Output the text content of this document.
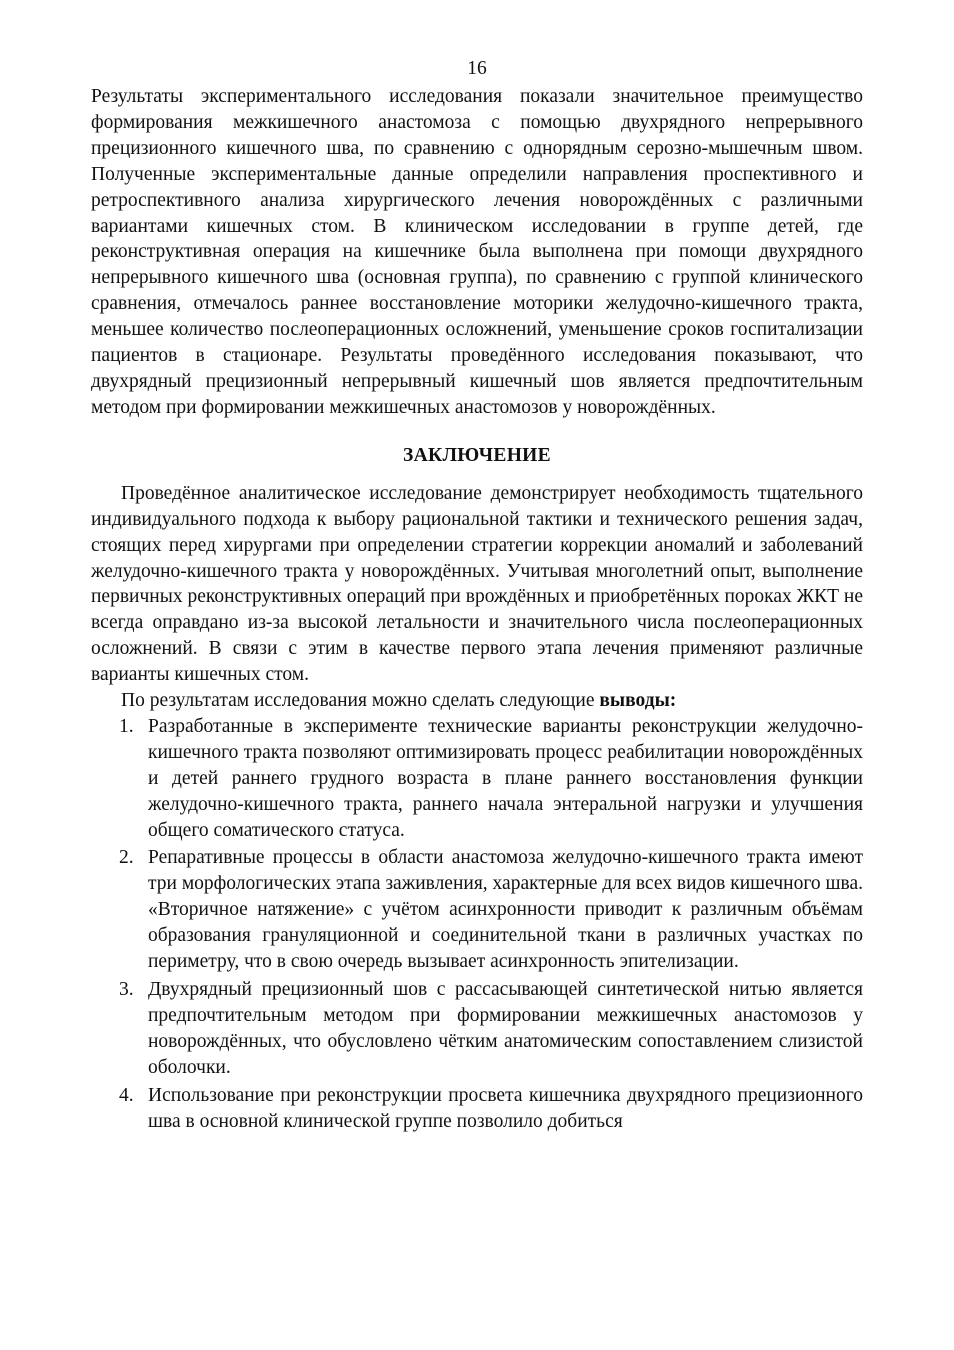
16

Результаты экспериментального исследования показали значительное преимущество формирования межкишечного анастомоза с помощью двухрядного непрерывного прецизионного кишечного шва, по сравнению с однорядным серозно-мышечным швом. Полученные экспериментальные данные определили направления проспективного и ретроспективного анализа хирургического лечения новорождённых с различными вариантами кишечных стом. В клиническом исследовании в группе детей, где реконструктивная операция на кишечнике была выполнена при помощи двухрядного непрерывного кишечного шва (основная группа), по сравнению с группой клинического сравнения, отмечалось раннее восстановление моторики желудочно-кишечного тракта, меньшее количество послеоперационных осложнений, уменьшение сроков госпитализации пациентов в стационаре. Результаты проведённого исследования показывают, что двухрядный прецизионный непрерывный кишечный шов является предпочтительным методом при формировании межкишечных анастомозов у новорождённых.

ЗАКЛЮЧЕНИЕ

Проведённое аналитическое исследование демонстрирует необходимость тщательного индивидуального подхода к выбору рациональной тактики и технического решения задач, стоящих перед хирургами при определении стратегии коррекции аномалий и заболеваний желудочно-кишечного тракта у новорождённых. Учитывая многолетний опыт, выполнение первичных реконструктивных операций при врождённых и приобретённых пороках ЖКТ не всегда оправдано из-за высокой летальности и значительного числа послеоперационных осложнений. В связи с этим в качестве первого этапа лечения применяют различные варианты кишечных стом.

По результатам исследования можно сделать следующие выводы:

1. Разработанные в эксперименте технические варианты реконструкции желудочно-кишечного тракта позволяют оптимизировать процесс реабилитации новорождённых и детей раннего грудного возраста в плане раннего восстановления функции желудочно-кишечного тракта, раннего начала энтеральной нагрузки и улучшения общего соматического статуса.
2. Репаративные процессы в области анастомоза желудочно-кишечного тракта имеют три морфологических этапа заживления, характерные для всех видов кишечного шва. «Вторичное натяжение» с учётом асинхронности приводит к различным объёмам образования грануляционной и соединительной ткани в различных участках по периметру, что в свою очередь вызывает асинхронность эпителизации.
3. Двухрядный прецизионный шов с рассасывающей синтетической нитью является предпочтительным методом при формировании межкишечных анастомозов у новорождённых, что обусловлено чётким анатомическим сопоставлением слизистой оболочки.
4. Использование при реконструкции просвета кишечника двухрядного прецизионного шва в основной клинической группе позволило добиться
